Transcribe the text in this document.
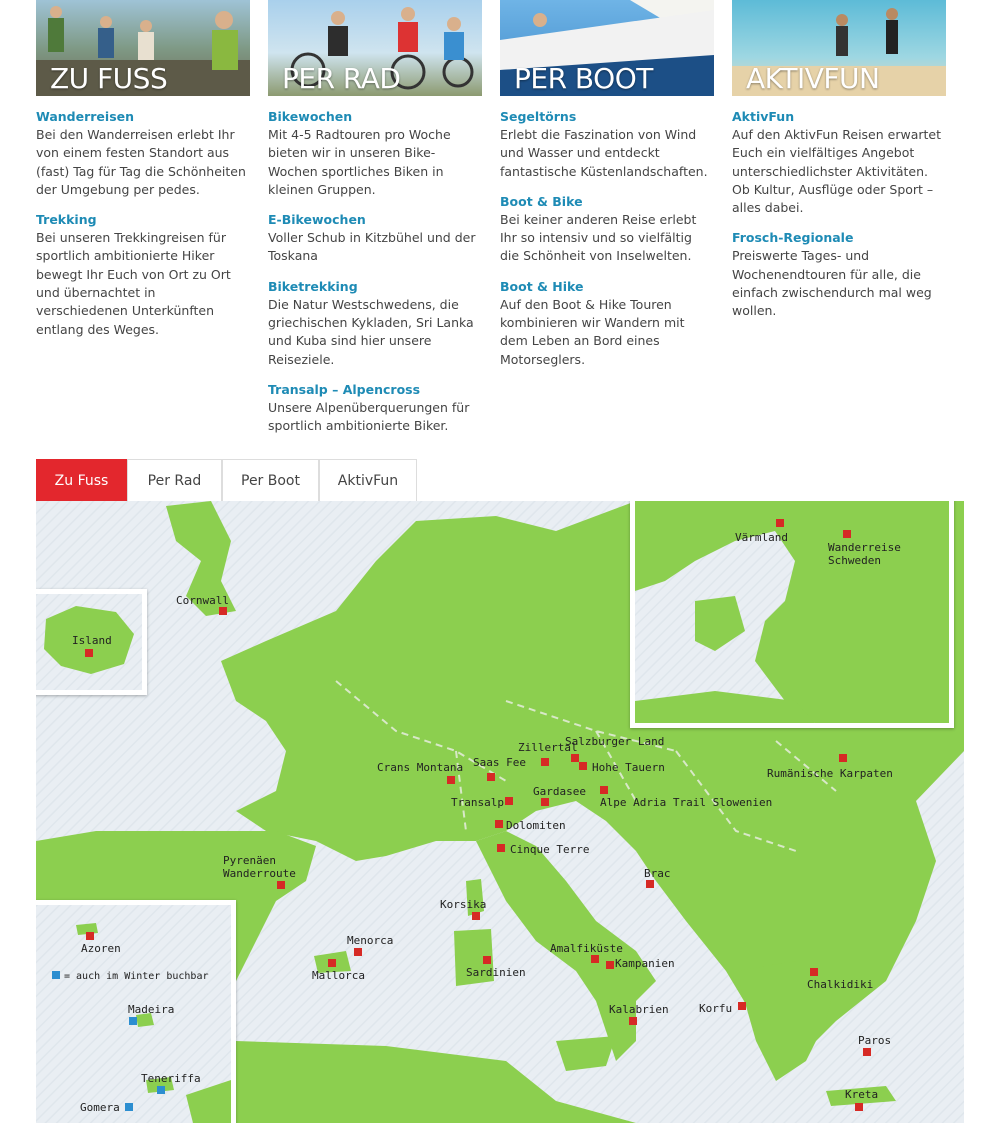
ZU FUSS
Wanderreisen
Bei den Wanderreisen erlebt Ihr von einem festen Standort aus (fast) Tag für Tag die Schönheiten der Umgebung per pedes.
Trekking
Bei unseren Trekkingreisen für sportlich ambitionierte Hiker bewegt Ihr Euch von Ort zu Ort und übernachtet in verschiedenen Unterkünften entlang des Weges.
PER RAD
Bikewochen
Mit 4-5 Radtouren pro Woche bieten wir in unseren Bike-Wochen sportliches Biken in kleinen Gruppen.
E-Bikewochen
Voller Schub in Kitzbühel und der Toskana
Biketrekking
Die Natur Westschwedens, die griechischen Kykladen, Sri Lanka und Kuba sind hier unsere Reiseziele.
Transalp – Alpencross
Unsere Alpenüberquerungen für sportlich ambitionierte Biker.
PER BOOT
Segeltörns
Erlebt die Faszination von Wind und Wasser und entdeckt fantastische Küstenlandschaften.
Boot & Bike
Bei keiner anderen Reise erlebt Ihr so intensiv und so vielfältig die Schönheit von Inselwelten.
Boot & Hike
Auf den Boot & Hike Touren kombinieren wir Wandern mit dem Leben an Bord eines Motorseglers.
AKTIVFUN
AktivFun
Auf den AktivFun Reisen erwartet Euch ein vielfältiges Angebot unterschiedlichster Aktivitäten. Ob Kultur, Ausflüge oder Sport – alles dabei.
Frosch-Regionale
Preiswerte Tages- und Wochenendtouren für alle, die einfach zwischendurch mal weg wollen.
Zu Fuss	Per Rad	Per Boot	AktivFun
Cornwall
Island
Värmland
Wanderreise Schweden
Crans Montana Saas Fee
Zillertal
Salzburger Land
Hohe Tauern	Rumänische Karpaten
Transalp
Gardasee
Alpe Adria Trail Slowenien
Dolomiten
Cinque Terre
Pyrenäen Wanderroute	Brac
Korsika
Menorca
Mallorca	Sardinien
Amalfiküste
Kampanien
Chalkidiki
Kalabrien	Korfu
Paros
Kreta
Azoren
= auch im Winter buchbar
Madeira
Teneriffa
Gomera
